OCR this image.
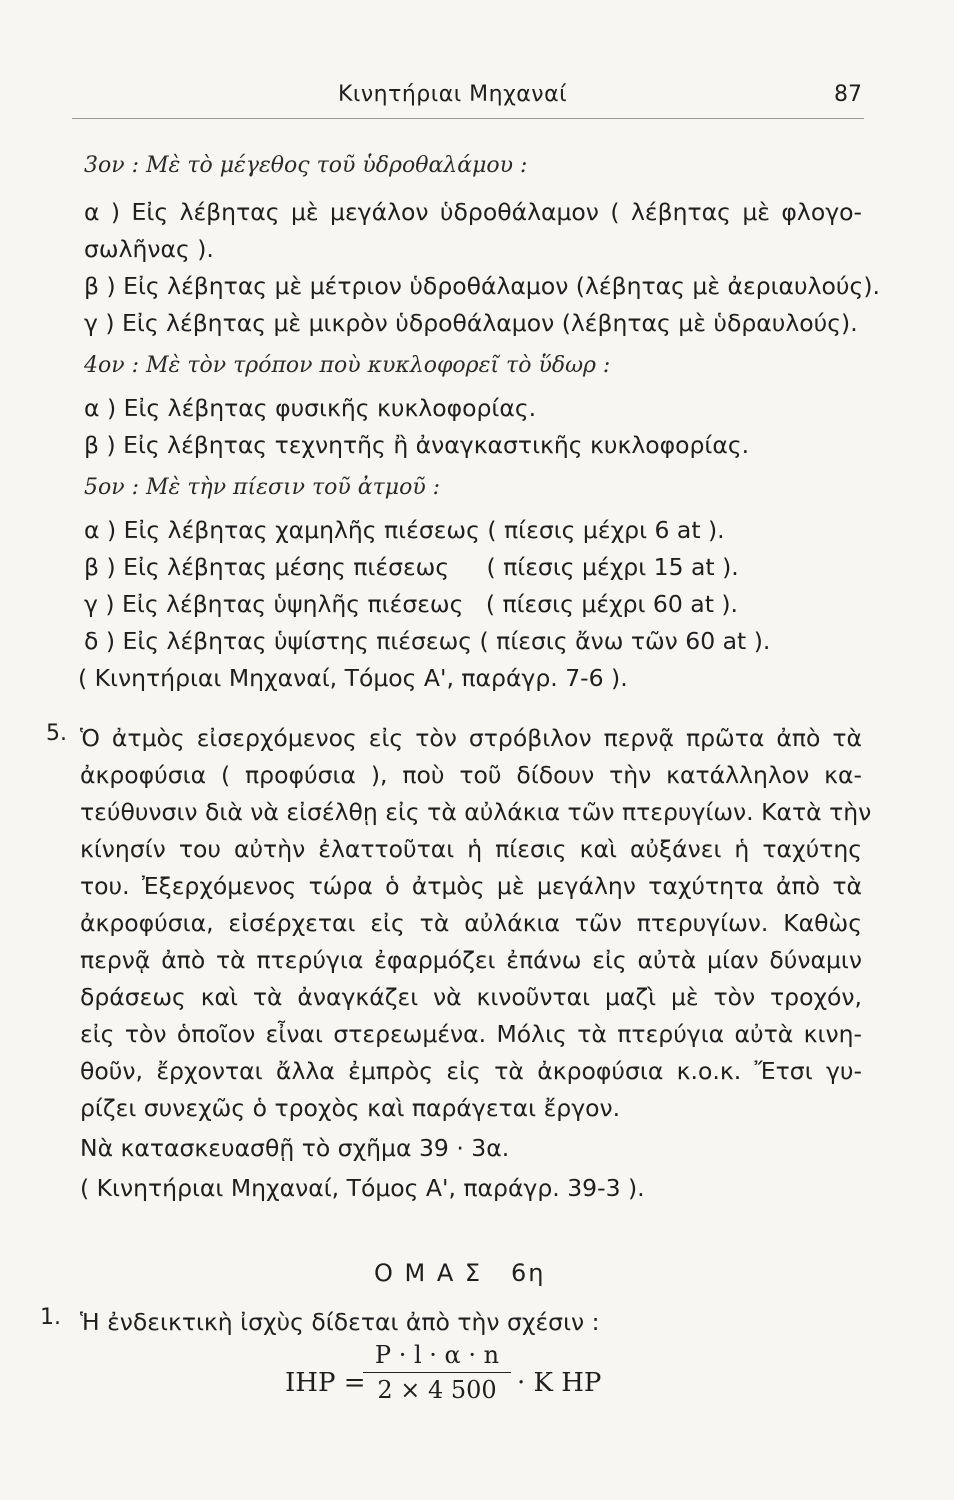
Κινητήριαι Μηχαναί	87
3ον : Μὲ τὸ μέγεθος τοῦ ὑδροθαλάμου :
α ) Εἰς λέβητας μὲ μεγάλον ὑδροθάλαμον ( λέβητας μὲ φλογο-
σωλῆνας ).
β ) Εἰς λέβητας μὲ μέτριον ὑδροθάλαμον (λέβητας μὲ ἀεριαυλούς).
γ ) Εἰς λέβητας μὲ μικρὸν ὑδροθάλαμον (λέβητας μὲ ὑδραυλούς).
4ον : Μὲ τὸν τρόπον ποὺ κυκλοφορεῖ τὸ ὕδωρ :
α ) Εἰς λέβητας φυσικῆς κυκλοφορίας.
β ) Εἰς λέβητας τεχνητῆς ἢ ἀναγκαστικῆς κυκλοφορίας.
5ον : Μὲ τὴν πίεσιν τοῦ ἀτμοῦ :
α ) Εἰς λέβητας χαμηλῆς πιέσεως ( πίεσις μέχρι 6 at ).
β ) Εἰς λέβητας μέσης πιέσεως     ( πίεσις μέχρι 15 at ).
γ ) Εἰς λέβητας ὑψηλῆς πιέσεως   ( πίεσις μέχρι 60 at ).
δ ) Εἰς λέβητας ὑψίστης πιέσεως ( πίεσις ἄνω τῶν 60 at ).
( Κινητήριαι Μηχαναί, Τόμος Α', παράγρ. 7-6 ).
5. Ὁ ἀτμὸς εἰσερχόμενος εἰς τὸν στρόβιλον περνᾷ πρῶτα ἀπὸ τὰ
ἀκροφύσια ( προφύσια ), ποὺ τοῦ δίδουν τὴν κατάλληλον κα-
τεύθυνσιν διὰ νὰ εἰσέλθῃ εἰς τὰ αὐλάκια τῶν πτερυγίων. Κατὰ τὴν
κίνησίν του αὐτὴν ἐλαττοῦται ἡ πίεσις καὶ αὐξάνει ἡ ταχύτης
του. Ἐξερχόμενος τώρα ὁ ἀτμὸς μὲ μεγάλην ταχύτητα ἀπὸ τὰ
ἀκροφύσια, εἰσέρχεται εἰς τὰ αὐλάκια τῶν πτερυγίων. Καθὼς
περνᾷ ἀπὸ τὰ πτερύγια ἐφαρμόζει ἐπάνω εἰς αὐτὰ μίαν δύναμιν
δράσεως καὶ τὰ ἀναγκάζει νὰ κινοῦνται μαζὶ μὲ τὸν τροχόν,
εἰς τὸν ὁποῖον εἶναι στερεωμένα. Μόλις τὰ πτερύγια αὐτὰ κινη-
θοῦν, ἔρχονται ἄλλα ἐμπρὸς εἰς τὰ ἀκροφύσια κ.ο.κ. Ἔτσι γυ-
ρίζει συνεχῶς ὁ τροχὸς καὶ παράγεται ἔργον.
Νὰ κατασκευασθῇ τὸ σχῆμα 39 · 3α.
( Κινητήριαι Μηχαναί, Τόμος Α', παράγρ. 39-3 ).
Ο Μ Α Σ   6η
1. Ἡ ἐνδεικτικὴ ἰσχὺς δίδεται ἀπὸ τὴν σχέσιν :
IHP =
P · l · α · n
2 × 4 500 · K HP
